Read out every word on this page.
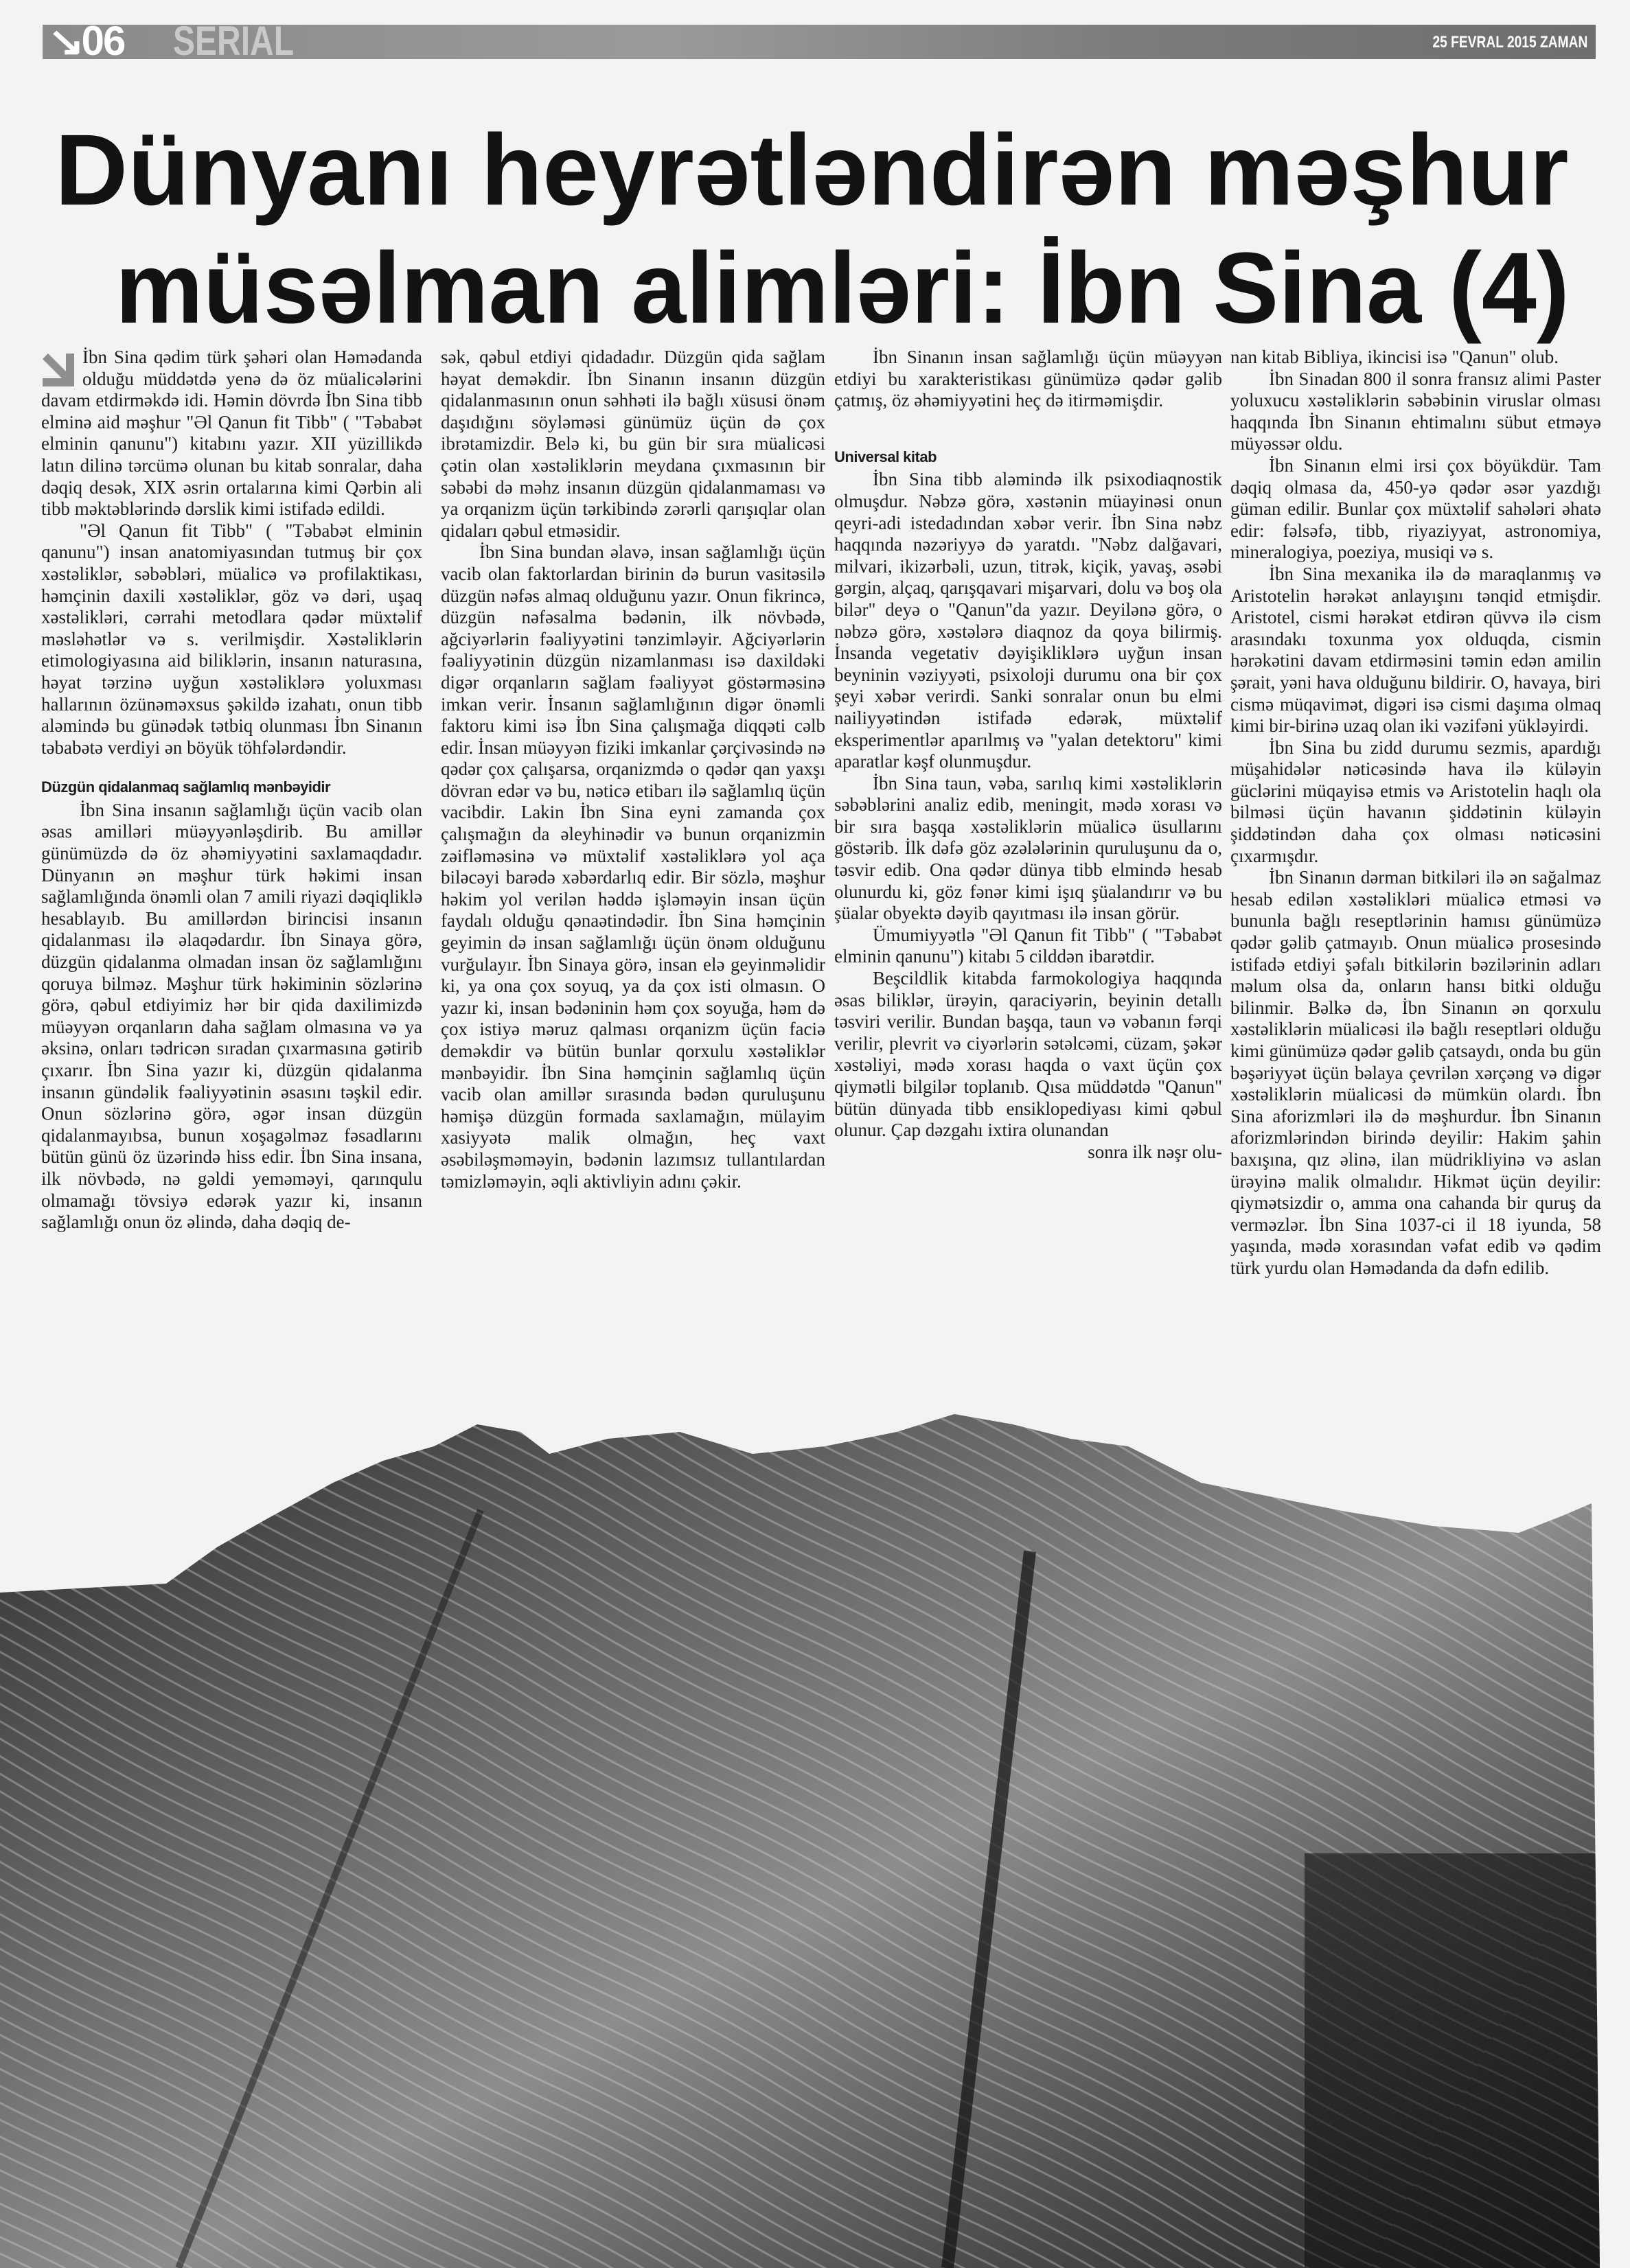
↘06 SERIAL	25 FEVRAL 2015 ZAMAN
Dünyanı heyrətləndirən məşhur
müsəlman alimləri: İbn Sina (4)

İbn Sina qədim türk şəhəri olan Həmədanda olduğu müddətdə yenə də öz müalicələrini davam etdirməkdə idi. Həmin dövrdə İbn Sina tibb elminə aid məşhur "Əl Qanun fit Tibb" ( "Təbabət elminin qanunu") kitabını yazır. XII yüzillikdə latın dilinə tərcümə olunan bu kitab sonralar, daha dəqiq desək, XIX əsrin ortalarına kimi Qərbin ali tibb məktəblərində dərslik kimi istifadə edildi.

"Əl Qanun fit Tibb" ( "Təbabət elminin qanunu") insan anatomiyasından tutmuş bir çox xəstəliklər, səbəbləri, müalicə və profilaktikası, həmçinin daxili xəstəliklər, göz və dəri, uşaq xəstəlikləri, cərrahi metodlara qədər müxtəlif məsləhətlər və s. verilmişdir. Xəstəliklərin etimologiyasına aid biliklərin, insanın naturasına, həyat tərzinə uyğun xəstəliklərə yoluxması hallarının özünəməxsus şəkildə izahatı, onun tibb aləmində bu günədək tətbiq olunması İbn Sinanın təbabətə verdiyi ən böyük töhfələrdəndir.

Düzgün qidalanmaq sağlamlıq mənbəyidir

İbn Sina insanın sağlamlığı üçün vacib olan əsas amilləri müəyyənləşdirib. Bu amillər günümüzdə də öz əhəmiyyətini saxlamaqdadır. Dünyanın ən məşhur türk həkimi insan sağlamlığında önəmli olan 7 amili riyazi dəqiqliklə hesablayıb. Bu amillərdən birincisi insanın qidalanması ilə əlaqədardır. İbn Sinaya görə, düzgün qidalanma olmadan insan öz sağlamlığını qoruya bilməz. Məşhur türk həkiminin sözlərinə görə, qəbul etdiyimiz hər bir qida daxilimizdə müəyyən orqanların daha sağlam olmasına və ya əksinə, onları tədricən sıradan çıxarmasına gətirib çıxarır. İbn Sina yazır ki, düzgün qidalanma insanın gündəlik fəaliyyətinin əsasını təşkil edir. Onun sözlərinə görə, əgər insan düzgün qidalanmayıbsa, bunun xoşagəlməz fəsadlarını bütün günü öz üzərində hiss edir. İbn Sina insana, ilk növbədə, nə gəldi yeməməyi, qarınqulu olmamağı tövsiyə edərək yazır ki, insanın sağlamlığı onun öz əlində, daha dəqiq de-

sək, qəbul etdiyi qidadadır. Düzgün qida sağlam həyat deməkdir. İbn Sinanın insanın düzgün qidalanmasının onun səhhəti ilə bağlı xüsusi önəm daşıdığını söyləməsi günümüz üçün də çox ibrətamizdir. Belə ki, bu gün bir sıra müalicəsi çətin olan xəstəliklərin meydana çıxmasının bir səbəbi də məhz insanın düzgün qidalanmaması və ya orqanizm üçün tərkibində zərərli qarışıqlar olan qidaları qəbul etməsidir.

İbn Sina bundan əlavə, insan sağlamlığı üçün vacib olan faktorlardan birinin də burun vasitəsilə düzgün nəfəs almaq olduğunu yazır. Onun fikrincə, düzgün nəfəsalma bədənin, ilk növbədə, ağciyərlərin fəaliyyətini tənzimləyir. Ağciyərlərin fəaliyyətinin düzgün nizamlanması isə daxildəki digər orqanların sağlam fəaliyyət göstərməsinə imkan verir. İnsanın sağlamlığının digər önəmli faktoru kimi isə İbn Sina çalışmağa diqqəti cəlb edir. İnsan müəyyən fiziki imkanlar çərçivəsində nə qədər çox çalışarsa, orqanizmdə o qədər qan yaxşı dövran edər və bu, nəticə etibarı ilə sağlamlıq üçün vacibdir. Lakin İbn Sina eyni zamanda çox çalışmağın da əleyhinədir və bunun orqanizmin zəifləməsinə və müxtəlif xəstəliklərə yol aça biləcəyi barədə xəbərdarlıq edir. Bir sözlə, məşhur həkim yol verilən həddə işləməyin insan üçün faydalı olduğu qənaətindədir. İbn Sina həmçinin geyimin də insan sağlamlığı üçün önəm olduğunu vurğulayır. İbn Sinaya görə, insan elə geyinməlidir ki, ya ona çox soyuq, ya da çox isti olmasın. O yazır ki, insan bədəninin həm çox soyuğa, həm də çox istiyə məruz qalması orqanizm üçün faciə deməkdir və bütün bunlar qorxulu xəstəliklər mənbəyidir. İbn Sina həmçinin sağlamlıq üçün vacib olan amillər sırasında bədən quruluşunu həmişə düzgün formada saxlamağın, mülayim xasiyyətə malik olmağın, heç vaxt əsəbiləşməməyin, bədənin lazımsız tullantılardan təmizləməyin, əqli aktivliyin adını çəkir.

İbn Sinanın insan sağlamlığı üçün müəyyən etdiyi bu xarakteristikası günümüzə qədər gəlib çatmış, öz əhəmiyyətini heç də itirməmişdir.

Universal kitab

İbn Sina tibb aləmində ilk psixodiaqnostik olmuşdur. Nəbzə görə, xəstənin müayinəsi onun qeyri-adi istedadından xəbər verir. İbn Sina nəbz haqqında nəzəriyyə də yaratdı. "Nəbz dalğavari, milvari, ikizərbəli, uzun, titrək, kiçik, yavaş, əsəbi gərgin, alçaq, qarışqavari mişarvari, dolu və boş ola bilər" deyə o "Qanun"da yazır. Deyilənə görə, o nəbzə görə, xəstələrə diaqnoz da qoya bilirmiş. İnsanda vegetativ dəyişikliklərə uyğun insan beyninin vəziyyəti, psixoloji durumu ona bir çox şeyi xəbər verirdi. Sanki sonralar onun bu elmi nailiyyətindən istifadə edərək, müxtəlif eksperimentlər aparılmış və "yalan detektoru" kimi aparatlar kəşf olunmuşdur.

İbn Sina taun, vəba, sarılıq kimi xəstəliklərin səbəblərini analiz edib, meningit, mədə xorası və bir sıra başqa xəstəliklərin müalicə üsullarını göstərib. İlk dəfə göz əzələlərinin quruluşunu da o, təsvir edib. Ona qədər dünya tibb elmində hesab olunurdu ki, göz fənər kimi işıq şüalandırır və bu şüalar obyektə dəyib qayıtması ilə insan görür.

Ümumiyyətlə "Əl Qanun fit Tibb" ( "Təbabət elminin qanunu") kitabı 5 cilddən ibarətdir.

Beşcildlik kitabda farmokologiya haqqında əsas biliklər, ürəyin, qaraciyərin, beyinin detallı təsviri verilir. Bundan başqa, taun və vəbanın fərqi verilir, plevrit və ciyərlərin sətəlcəmi, cüzam, şəkər xəstəliyi, mədə xorası haqda o vaxt üçün çox qiymətli bilgilər toplanıb. Qısa müddətdə "Qanun" bütün dünyada tibb ensiklopediyası kimi qəbul olunur. Çap dəzgahı ixtira olunandan

sonra ilk nəşr olu-

nan kitab Bibliya, ikincisi isə "Qanun" olub.

İbn Sinadan 800 il sonra fransız alimi Paster yoluxucu xəstəliklərin səbəbinin viruslar olması haqqında İbn Sinanın ehtimalını sübut etməyə müyəssər oldu.

İbn Sinanın elmi irsi çox böyükdür. Tam dəqiq olmasa da, 450-yə qədər əsər yazdığı güman edilir. Bunlar çox müxtəlif sahələri əhatə edir: fəlsəfə, tibb, riyaziyyat, astronomiya, mineralogiya, poeziya, musiqi və s.

İbn Sina mexanika ilə də maraqlanmış və Aristotelin hərəkət anlayışını tənqid etmişdir. Aristotel, cismi hərəkət etdirən qüvvə ilə cism arasındakı toxunma yox olduqda, cismin hərəkətini davam etdirməsini təmin edən amilin şərait, yəni hava olduğunu bildirir. O, havaya, biri cismə müqavimət, digəri isə cismi daşıma olmaq kimi bir-birinə uzaq olan iki vəzifəni yükləyirdi.

İbn Sina bu zidd durumu sezmis, apardığı müşahidələr nəticəsində hava ilə küləyin güclərini müqayisə etmis və Aristotelin haqlı ola bilməsi üçün havanın şiddətinin küləyin şiddətindən daha çox olması nəticəsini çıxarmışdır.

İbn Sinanın dərman bitkiləri ilə ən sağalmaz hesab edilən xəstəlikləri müalicə etməsi və bununla bağlı reseptlərinin hamısı günümüzə qədər gəlib çatmayıb. Onun müalicə prosesində istifadə etdiyi şəfalı bitkilərin bəzilərinin adları məlum olsa da, onların hansı bitki olduğu bilinmir. Bəlkə də, İbn Sinanın ən qorxulu xəstəliklərin müalicəsi ilə bağlı reseptləri olduğu kimi günümüzə qədər gəlib çatsaydı, onda bu gün bəşəriyyət üçün bəlaya çevrilən xərçəng və digər xəstəliklərin müalicəsi də mümkün olardı. İbn Sina aforizmləri ilə də məşhurdur. İbn Sinanın aforizmlərindən birində deyilir: Hakim şahin baxışına, qız əlinə, ilan müdrikliyinə və aslan ürəyinə malik olmalıdır. Hikmət üçün deyilir: qiymətsizdir o, amma ona cahanda bir quruş da verməzlər. İbn Sina 1037-ci il 18 iyunda, 58 yaşında, mədə xorasından vəfat edib və qədim türk yurdu olan Həmədanda da dəfn edilib.
